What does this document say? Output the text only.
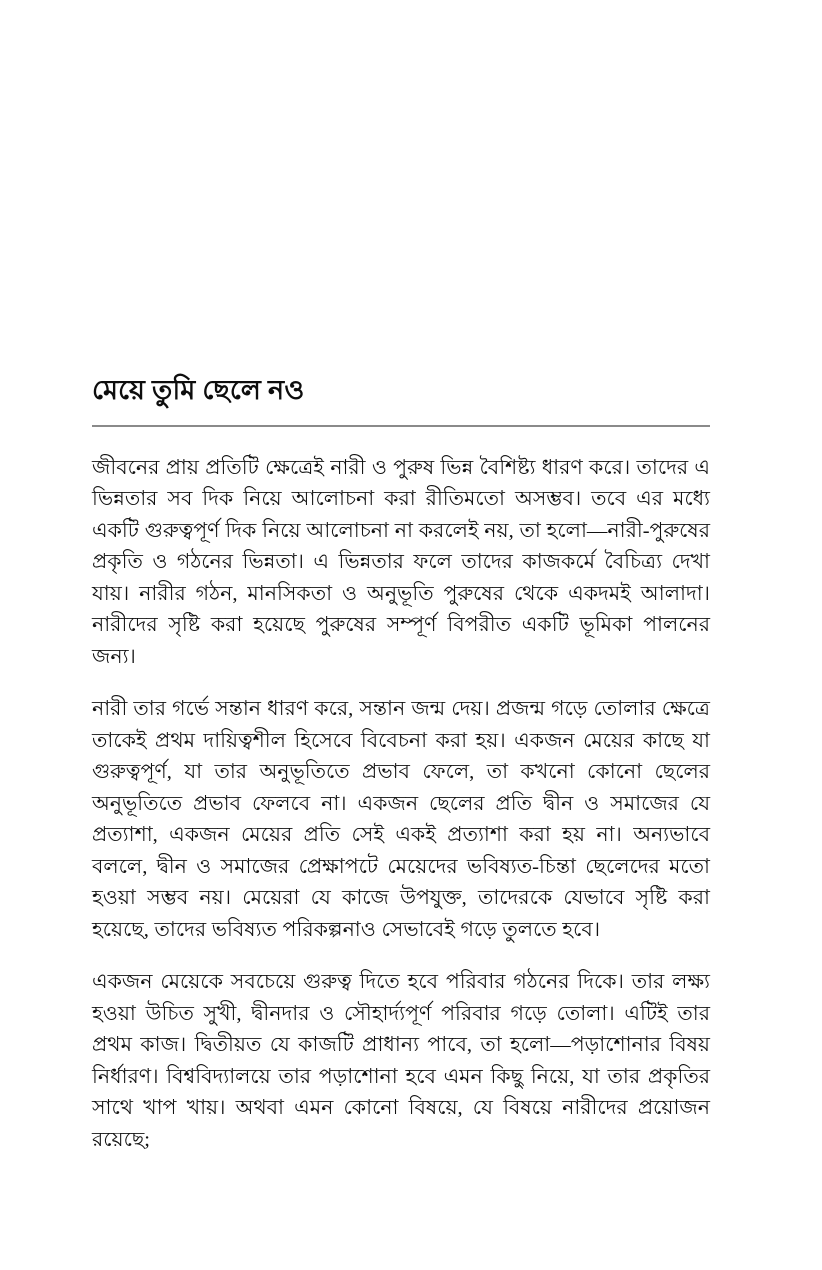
মেয়ে তুমি ছেলে নও

জীবনের প্রায় প্রতিটি ক্ষেত্রেই নারী ও পুরুষ ভিন্ন বৈশিষ্ট্য ধারণ করে। তাদের এ ভিন্নতার সব দিক নিয়ে আলোচনা করা রীতিমতো অসম্ভব। তবে এর মধ্যে একটি গুরুত্বপূর্ণ দিক নিয়ে আলোচনা না করলেই নয়, তা হলো—নারী-পুরুষের প্রকৃতি ও গঠনের ভিন্নতা। এ ভিন্নতার ফলে তাদের কাজকর্মে বৈচিত্র্য দেখা যায়। নারীর গঠন, মানসিকতা ও অনুভূতি পুরুষের থেকে একদমই আলাদা। নারীদের সৃষ্টি করা হয়েছে পুরুষের সম্পূর্ণ বিপরীত একটি ভূমিকা পালনের জন্য।

নারী তার গর্ভে সন্তান ধারণ করে, সন্তান জন্ম দেয়। প্রজন্ম গড়ে তোলার ক্ষেত্রে তাকেই প্রথম দায়িত্বশীল হিসেবে বিবেচনা করা হয়। একজন মেয়ের কাছে যা গুরুত্বপূর্ণ, যা তার অনুভূতিতে প্রভাব ফেলে, তা কখনো কোনো ছেলের অনুভূতিতে প্রভাব ফেলবে না। একজন ছেলের প্রতি দ্বীন ও সমাজের যে প্রত্যাশা, একজন মেয়ের প্রতি সেই একই প্রত্যাশা করা হয় না। অন্যভাবে বললে, দ্বীন ও সমাজের প্রেক্ষাপটে মেয়েদের ভবিষ্যত-চিন্তা ছেলেদের মতো হওয়া সম্ভব নয়। মেয়েরা যে কাজে উপযুক্ত, তাদেরকে যেভাবে সৃষ্টি করা হয়েছে, তাদের ভবিষ্যত পরিকল্পনাও সেভাবেই গড়ে তুলতে হবে।

একজন মেয়েকে সবচেয়ে গুরুত্ব দিতে হবে পরিবার গঠনের দিকে। তার লক্ষ্য হওয়া উচিত সুখী, দ্বীনদার ও সৌহার্দ্যপূর্ণ পরিবার গড়ে তোলা। এটিই তার প্রথম কাজ। দ্বিতীয়ত যে কাজটি প্রাধান্য পাবে, তা হলো—পড়াশোনার বিষয় নির্ধারণ। বিশ্ববিদ্যালয়ে তার পড়াশোনা হবে এমন কিছু নিয়ে, যা তার প্রকৃতির সাথে খাপ খায়। অথবা এমন কোনো বিষয়ে, যে বিষয়ে নারীদের প্রয়োজন রয়েছে;
